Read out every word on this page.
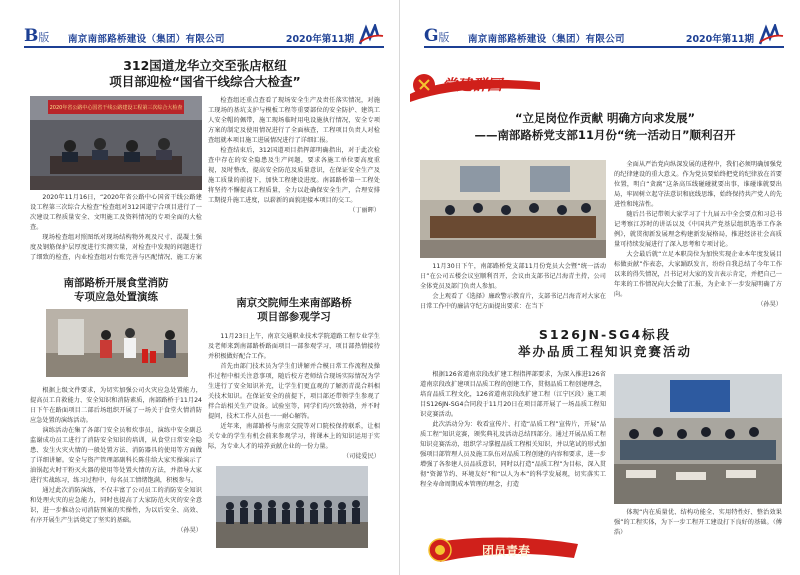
B版 南京南部路桥建设（集团）有限公司	2020年第11期
312国道龙华立交至张店枢纽
项目部迎检“国省干线综合大检查”
2020年省公路中心国省干线公路建设工程第三次综合大检查

2020年11月16日，“2020年省公路中心国省干线公路建设工程第三次综合大检查”检查组对312国道宁合项目进行了一次建设工程质量安全、文明施工及资料情况的专项全面的大检查。

现场检查组对照图纸对现场结构物外观及尺寸、混凝土强度及钢筋保护层厚度进行实测实量，对检查中发现的问题进行了细致的检查，内业检查组对台账完善与匹配情况、施工方案

检查组还重点查看了现场安全生产及责任落实情况，对施工现场的基坑支护与模板工程等重要部位的安全防护、建筑工人安全帽的佩带，施工现场临时用电设施执行情况，安全专项方案的制定及使用情况进行了全面核查，工程项目负责人对检查组就本项目施工进展情况进行了详细汇报。

检查结束后，312国道项目指挥部明确指出，对于此次检查中存在的安全隐患及生产问题，要求各施工单位要高度重视，及时整改，提高安全防范及质量意识，在保证安全生产及施工质量的前提下，加快工程建设进度。南部路桥第一工程处将坚持不懈提高工程质量，全力以赴确保安全生产，合理安排工期提升施工进度，以崭新的面貌迎接本项目的交工。

（丁丽晖）

南部路桥开展食堂消防
专项应急处置演练

根据上级文件要求，为切实加强公司火灾应急处置能力，提高员工自救能力、安全知识和消防素质，南部路桥于11月24日下午在路面项目二部后场组织开展了一场关于食堂火情消防应急处置的演练活动。

演练活动在集了各部门安全员和炊事员，演练中安全副总监谢成功员工进行了消防安全知识的培训，从食堂日常安全隐患、发生火灾火情的一般处置方法、消防器具的使用等方面做了详细讲解。安全与资产管理部副科长陈佳给大家实操演示了油锅起火时干粉灭火器的使用等处置火情的方法，并指导大家进行实战练习，练习过程中，每名员工情绪饱满，积极参与。

通过此次消防演练，不仅丰富了公司员工的消防安全知识和处理火灾的应急能力，同时也提高了大家防范火灾的安全意识，进一步推动公司消防预案的实操性，为以后安全、高效、有序开展生产生活奠定了坚实的基础。

（孙昊）

南京交院师生来南部路桥
项目部参观学习

11月23日上午，南京交通职业技术学院道路工程专业学生及老师来到南部路桥路面项目一部参观学习，项目部热情接待并积极做好配合工作。

首先由部门技术员为学生们讲解并合模日常工作流程及操作过程中相关注意事项，随后校方老师结合现场实际情况为学生进行了安全知识补充，让学生们更直观的了解沥青混合料相关技术知识。在保证安全的前提下，项目部还带领学生参观了拌合站相关生产设备。试验室等，同学们均兴致勃勃，并不时提问，技术工作人员也一一耐心解答。

近年来，南部路桥与南京交院等对口院校保持联系，让相关专业的学生有机会前来参观学习，将课本上的知识运用于实际，为专业人才的培养贡献企业的一份力量。

（司徒爱民）

G版 南京南部路桥建设（集团）有限公司	2020年第11期
党建群园
“立足岗位作贡献 明确方向求发展”
——南部路桥党支部11月份“统一活动日”顺利召开

11月30日下午，南部路桥党支部11月份党员大会暨“统一活动日”在公司五楼会议室顺利召开，会议由支部书记吕海青主持，公司全体党员及部门负责人参加。

会上观看了《选择》廉政警示教育片，支部书记吕海青对大家在日常工作中的廉洁守纪方面提出要求：在当下

全面从严治党向纵深发展的进程中，我们必须明确加强党的纪律建设的重大意义。作为党员要始终把党的纪律放在首要位置，明白“贪腐”这条高压线碰碰就要出事，谁碰谁就要出局，牢固树立起守法意识和底线思维，始终保持共产党人的先进性和纯洁性。

随后吕书记带领大家学习了十九届五中全会要点和习总书记考察江苏时的讲话以及《中国共产党基层组织选举工作条例》，就贯彻新发展理念构建新发展格局，推进经济社会高质量可持续发展进行了深入思考和专项讨论。

大会最后就“立足本职岗位为加快实现企业本年度发展目标做贡献”作表态，大家踊跃发言，纷纷自我总结了今年工作以来的得失情况，吕书记对大家的发言表示肯定，并把自己一年来的工作情况向大会做了汇报，为企业下一步发展明确了方向。

（孙昊）

S126JN-SG4标段
举办品质工程知识竞赛活动

根据126省道南京段改扩建工程指挥部要求，为深入推进126省道南京段改扩建项目品质工程的创建工作，贯彻品质工程创建理念，培育品质工程文化，126省道南京段改扩建工程（江宁区段）施工项目S126JN-SG4合同段于11月20日在项目部开展了一场品质工程知识竞赛活动。

此次活动分为：收看宣传片、打造“品质工程”宣传片，开展“品质工程”知识竞赛，颁奖典礼及活动总结四部分。通过开展品质工程知识竞赛活动，组织学习掌握品质工程相关知识，并以笔试的形式加强项目部管理人员及施工队伍对品质工程创建的内容和要求，进一步增强了各参建人员品质意识，同时以打造“品质工程”为目标，深入贯彻“资源节约、环境友好”和“以人为本”的科学发展观，切实落实工程全寿命周期成本管理的理念，打造

体现“内在质量优、结构功能全、实用特性好、整治效果强”的工程实体，为下一步工程开工建设打下良好的基础。（傅浩）

团员青春
